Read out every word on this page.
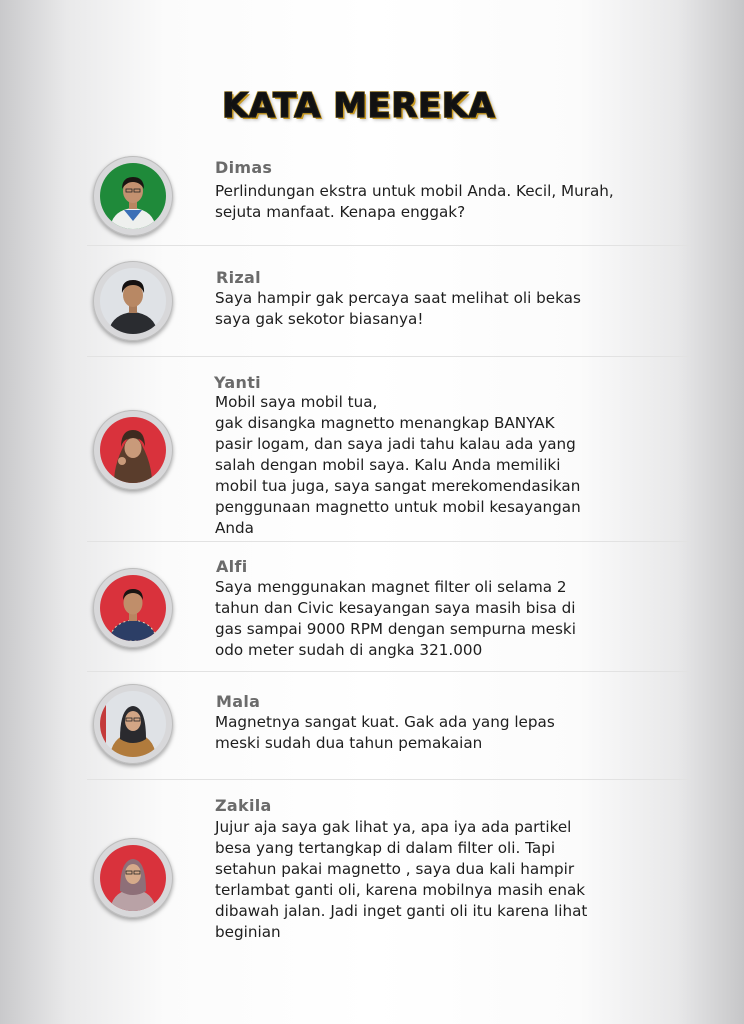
KATA MEREKA

Dimas

Perlindungan ekstra untuk mobil Anda. Kecil, Murah,
sejuta manfaat. Kenapa enggak?

Rizal

Saya hampir gak percaya saat melihat oli bekas
saya gak sekotor biasanya!

Yanti

Mobil saya mobil tua,
gak disangka magnetto menangkap BANYAK
pasir logam, dan saya jadi tahu kalau ada yang
salah dengan mobil saya. Kalu Anda memiliki
mobil tua juga, saya sangat merekomendasikan
penggunaan magnetto untuk mobil kesayangan
Anda

Alfi

Saya menggunakan magnet filter oli selama 2
tahun dan Civic kesayangan saya masih bisa di
gas sampai 9000 RPM dengan sempurna meski
odo meter sudah di angka 321.000

Mala

Magnetnya sangat kuat. Gak ada yang lepas
meski sudah dua tahun pemakaian

Zakila

Jujur aja saya gak lihat ya, apa iya ada partikel
besa yang tertangkap di dalam filter oli. Tapi
setahun pakai magnetto , saya dua kali hampir
terlambat ganti oli, karena mobilnya masih enak
dibawah jalan. Jadi inget ganti oli itu karena lihat
beginian
